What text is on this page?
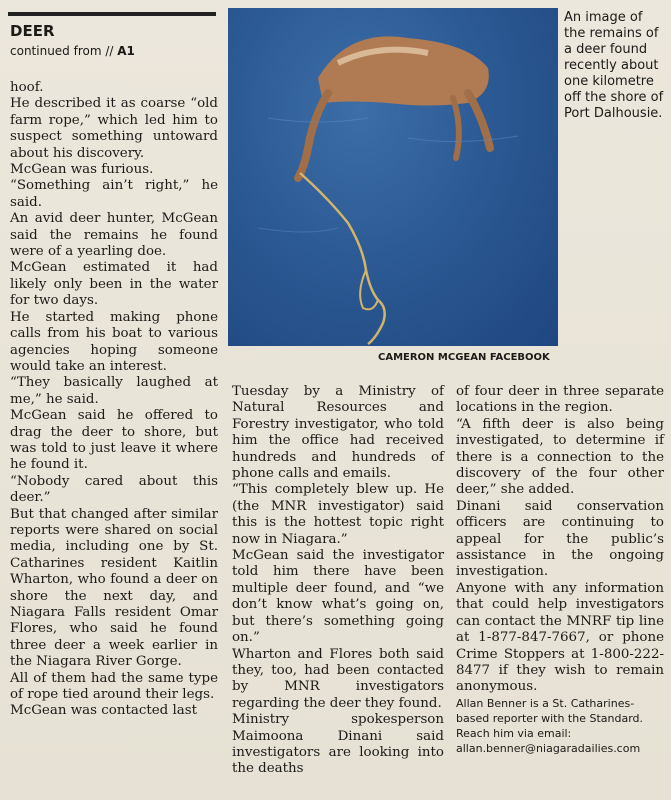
DEER
continued from // A1
An image of the remains of a deer found recently about one kilometre off the shore of Port Dalhousie.
CAMERON MCGEAN FACEBOOK

hoof.

He described it as coarse “old farm rope,” which led him to suspect something untoward about his discovery.

McGean was furious.

“Something ain’t right,” he said.

An avid deer hunter, McGean said the remains he found were of a yearling doe.

McGean estimated it had likely only been in the water for two days.

He started making phone calls from his boat to various agencies hoping someone would take an interest.

“They basically laughed at me,” he said.

McGean said he offered to drag the deer to shore, but was told to just leave it where he found it.

“Nobody cared about this deer.”

But that changed after similar reports were shared on social media, including one by St. Catharines resident Kaitlin Wharton, who found a deer on shore the next day, and Niagara Falls resident Omar Flores, who said he found three deer a week earlier in the Niagara River Gorge.

All of them had the same type of rope tied around their legs.

McGean was contacted last

Tuesday by a Ministry of Natural Resources and Forestry investigator, who told him the office had received hundreds and hundreds of phone calls and emails.

“This completely blew up. He (the MNR investigator) said this is the hottest topic right now in Niagara.”

McGean said the investigator told him there have been multiple deer found, and “we don’t know what’s going on, but there’s something going on.”

Wharton and Flores both said they, too, had been contacted by MNR investigators regarding the deer they found.

Ministry spokesperson Maimoona Dinani said investigators are looking into the deaths

of four deer in three separate locations in the region.

“A fifth deer is also being investigated, to determine if there is a connection to the discovery of the four other deer,” she added.

Dinani said conservation officers are continuing to appeal for the public’s assistance in the ongoing investigation.

Anyone with any information that could help investigators can contact the MNRF tip line at 1-877-847-7667, or phone Crime Stoppers at 1-800-222-8477 if they wish to remain anonymous.

Allan Benner is a St. Catharines-based reporter with the Standard. Reach him via email: allan.benner@niagaradailies.com
